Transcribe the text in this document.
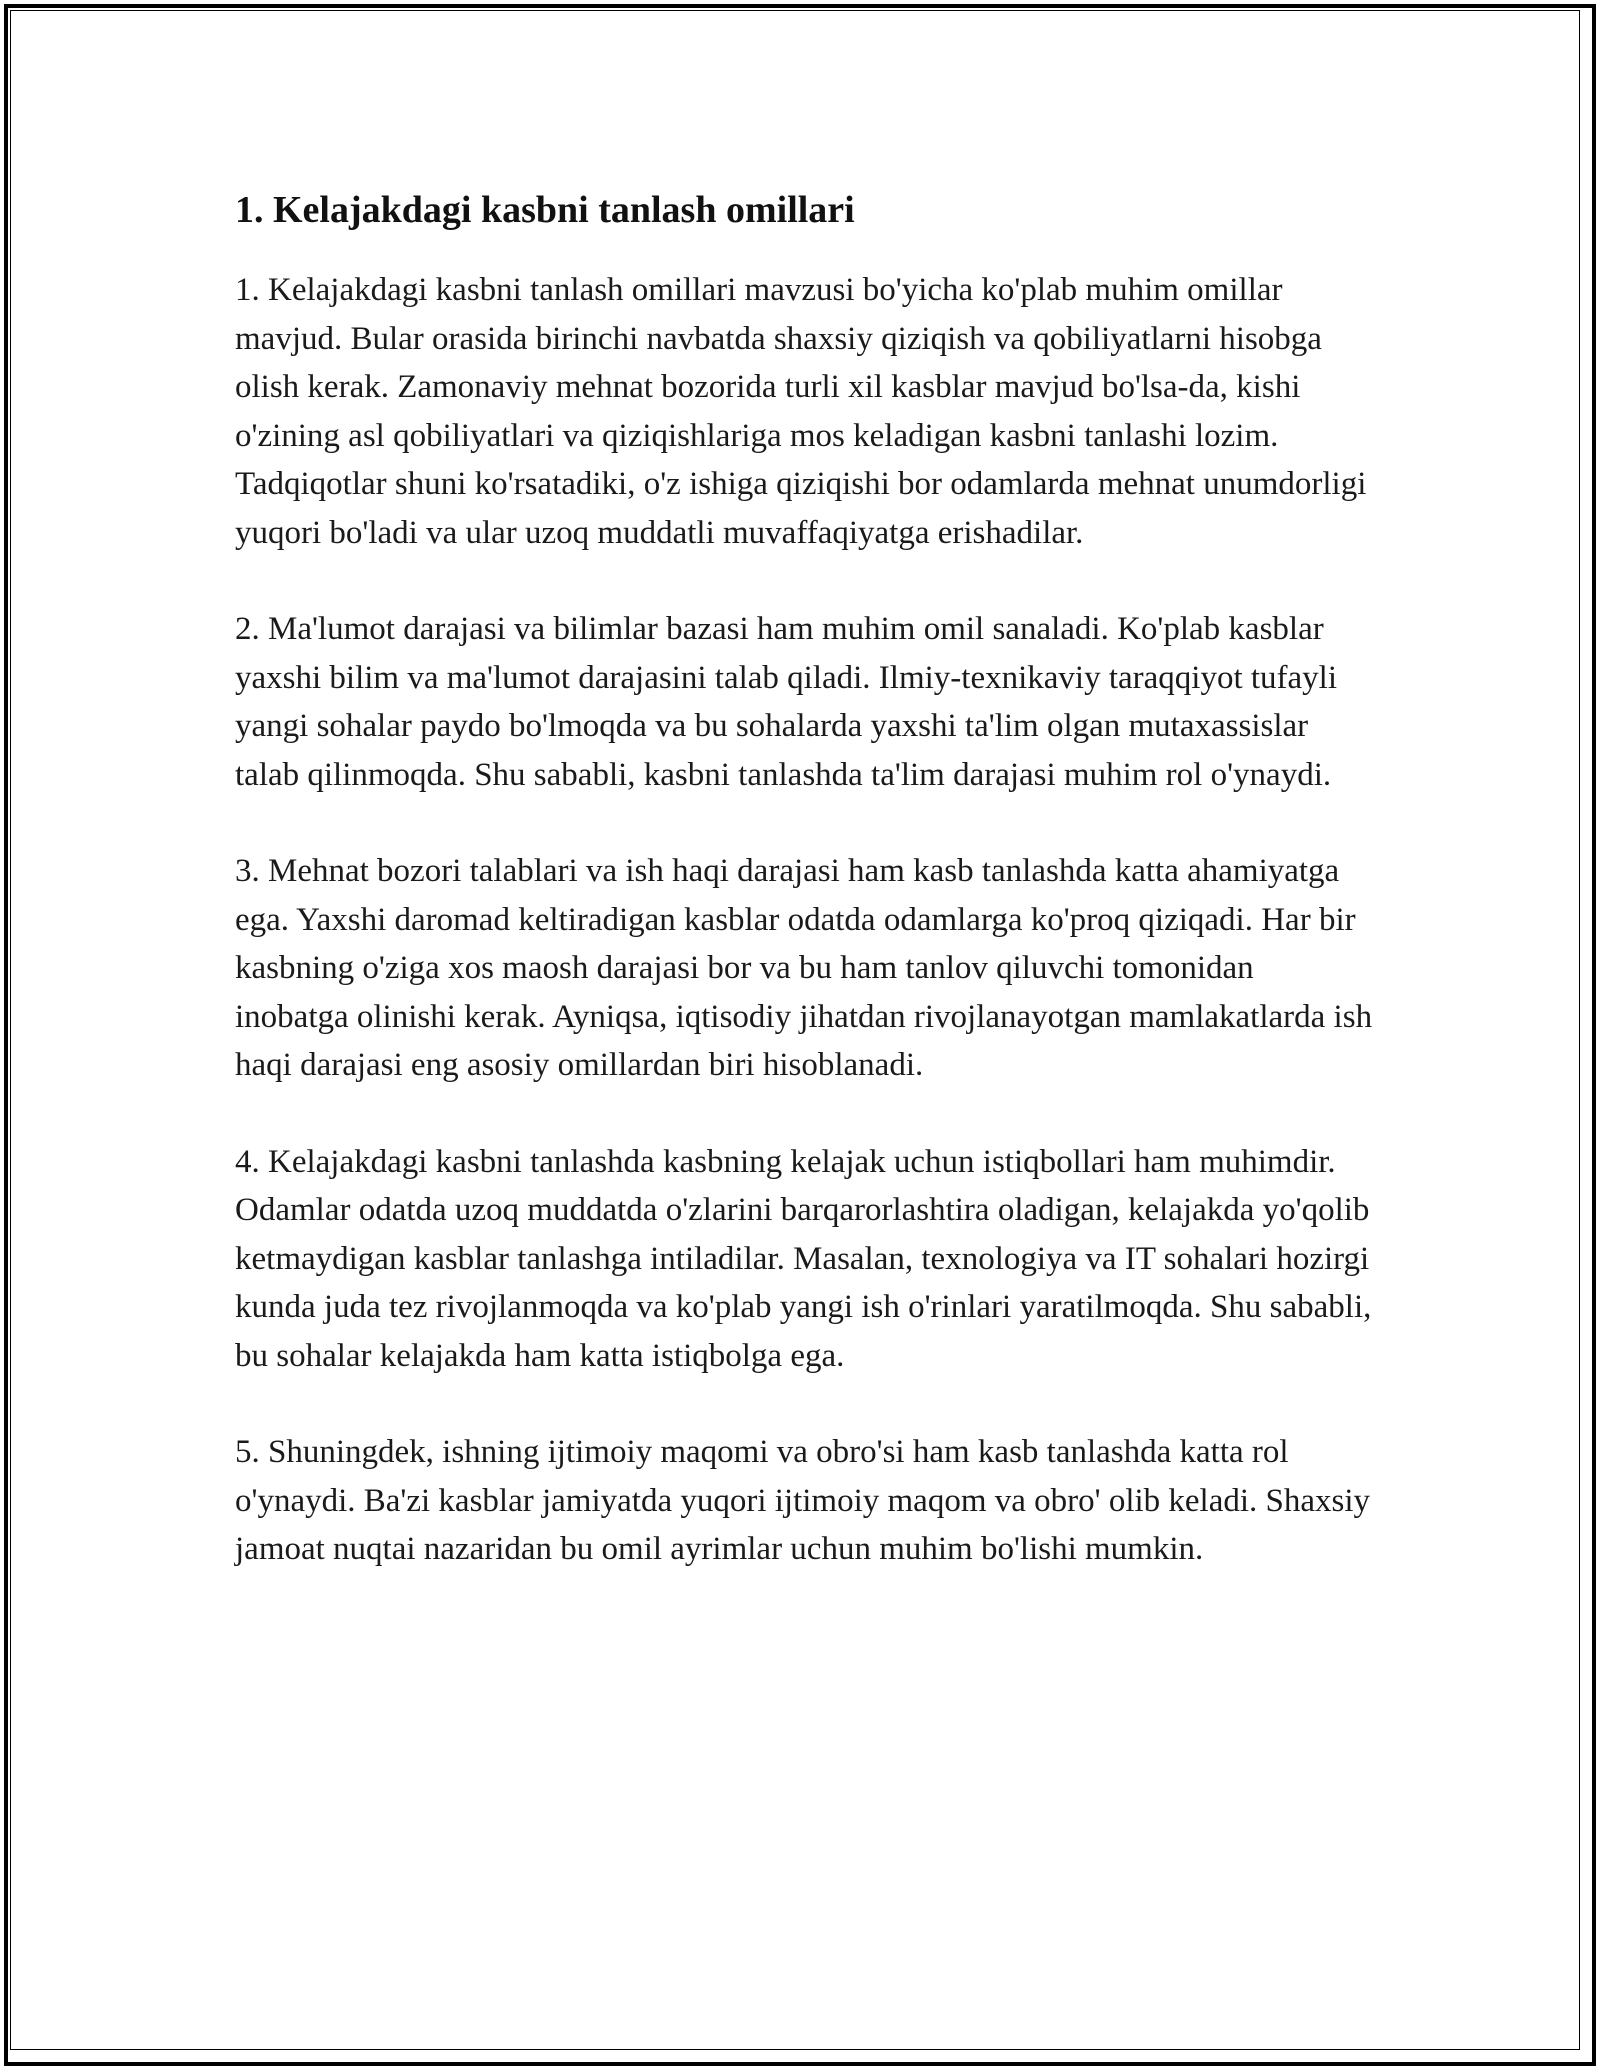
1. Kelajakdagi kasbni tanlash omillari

1. Kelajakdagi kasbni tanlash omillari mavzusi bo'yicha ko'plab muhim omillar mavjud. Bular orasida birinchi navbatda shaxsiy qiziqish va qobiliyatlarni hisobga olish kerak. Zamonaviy mehnat bozorida turli xil kasblar mavjud bo'lsa-da, kishi o'zining asl qobiliyatlari va qiziqishlariga mos keladigan kasbni tanlashi lozim. Tadqiqotlar shuni ko'rsatadiki, o'z ishiga qiziqishi bor odamlarda mehnat unumdorligi yuqori bo'ladi va ular uzoq muddatli muvaffaqiyatga erishadilar.

2. Ma'lumot darajasi va bilimlar bazasi ham muhim omil sanaladi. Ko'plab kasblar yaxshi bilim va ma'lumot darajasini talab qiladi. Ilmiy-texnikaviy taraqqiyot tufayli yangi sohalar paydo bo'lmoqda va bu sohalarda yaxshi ta'lim olgan mutaxassislar talab qilinmoqda. Shu sababli, kasbni tanlashda ta'lim darajasi muhim rol o'ynaydi.

3. Mehnat bozori talablari va ish haqi darajasi ham kasb tanlashda katta ahamiyatga ega. Yaxshi daromad keltiradigan kasblar odatda odamlarga ko'proq qiziqadi. Har bir kasbning o'ziga xos maosh darajasi bor va bu ham tanlov qiluvchi tomonidan inobatga olinishi kerak. Ayniqsa, iqtisodiy jihatdan rivojlanayotgan mamlakatlarda ish haqi darajasi eng asosiy omillardan biri hisoblanadi.

4. Kelajakdagi kasbni tanlashda kasbning kelajak uchun istiqbollari ham muhimdir. Odamlar odatda uzoq muddatda o'zlarini barqarorlashtira oladigan, kelajakda yo'qolib ketmaydigan kasblar tanlashga intiladilar. Masalan, texnologiya va IT sohalari hozirgi kunda juda tez rivojlanmoqda va ko'plab yangi ish o'rinlari yaratilmoqda. Shu sababli, bu sohalar kelajakda ham katta istiqbolga ega.

5. Shuningdek, ishning ijtimoiy maqomi va obro'si ham kasb tanlashda katta rol o'ynaydi. Ba'zi kasblar jamiyatda yuqori ijtimoiy maqom va obro' olib keladi. Shaxsiy jamoat nuqtai nazaridan bu omil ayrimlar uchun muhim bo'lishi mumkin.
